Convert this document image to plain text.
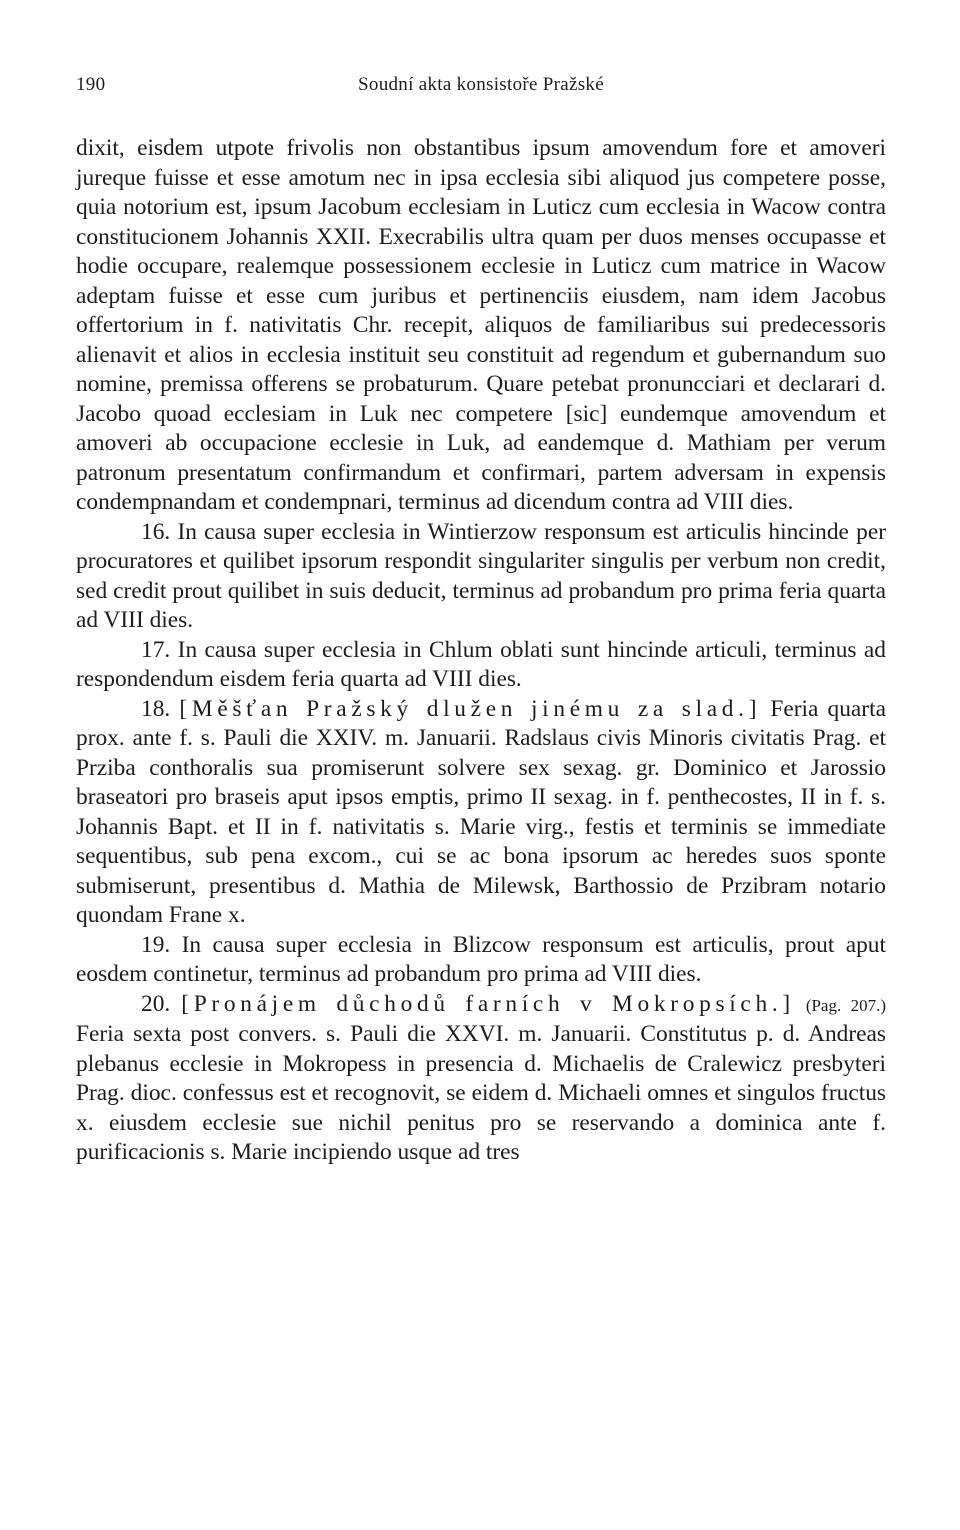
190	Soudní akta konsistoře Pražské

dixit, eisdem utpote frivolis non obstantibus ipsum amovendum fore et amoveri jureque fuisse et esse amotum nec in ipsa ecclesia sibi aliquod jus competere posse, quia notorium est, ipsum Jacobum ecclesiam in Luticz cum ecclesia in Wacow contra constitucionem Johannis XXII. Execrabilis ultra quam per duos menses occupasse et hodie occupare, realemque possessionem ecclesie in Luticz cum matrice in Wacow adeptam fuisse et esse cum juribus et pertinenciis eiusdem, nam idem Jacobus offertorium in f. nativitatis Chr. recepit, aliquos de familiaribus sui predecessoris alienavit et alios in ecclesia instituit seu constituit ad regendum et gubernandum suo nomine, premissa offerens se probaturum. Quare petebat pronuncciari et declarari d. Jacobo quoad ecclesiam in Luk nec competere [sic] eundemque amovendum et amoveri ab occupacione ecclesie in Luk, ad eandemque d. Mathiam per verum patronum presentatum confirmandum et confirmari, partem adversam in expensis condempnandam et condempnari, terminus ad dicendum contra ad VIII dies.

16. In causa super ecclesia in Wintierzow responsum est articulis hincinde per procuratores et quilibet ipsorum respondit singulariter singulis per verbum non credit, sed credit prout quilibet in suis deducit, terminus ad probandum pro prima feria quarta ad VIII dies.

17. In causa super ecclesia in Chlum oblati sunt hincinde articuli, terminus ad respondendum eisdem feria quarta ad VIII dies.

18. [Měšťan Pražský dlužen jinému za slad.] Feria quarta prox. ante f. s. Pauli die XXIV. m. Januarii. Radslaus civis Minoris civitatis Prag. et Prziba conthoralis sua promiserunt solvere sex sexag. gr. Dominico et Jarossio braseatori pro braseis aput ipsos emptis, primo II sexag. in f. penthecostes, II in f. s. Johannis Bapt. et II in f. nativitatis s. Marie virg., festis et terminis se immediate sequentibus, sub pena excom., cui se ac bona ipsorum ac heredes suos sponte submiserunt, presentibus d. Mathia de Milewsk, Barthossio de Przibram notario quondam Frane x.

19. In causa super ecclesia in Blizcow responsum est articulis, prout aput eosdem continetur, terminus ad probandum pro prima ad VIII dies.

20. [Pronájem důchodů farních v Mokropsích.] (Pag. 207.) Feria sexta post convers. s. Pauli die XXVI. m. Januarii. Constitutus p. d. Andreas plebanus ecclesie in Mokropess in presencia d. Michaelis de Cralewicz presbyteri Prag. dioc. confessus est et recognovit, se eidem d. Michaeli omnes et singulos fructus x. eiusdem ecclesie sue nichil penitus pro se reservando a dominica ante f. purificacionis s. Marie incipiendo usque ad tres
